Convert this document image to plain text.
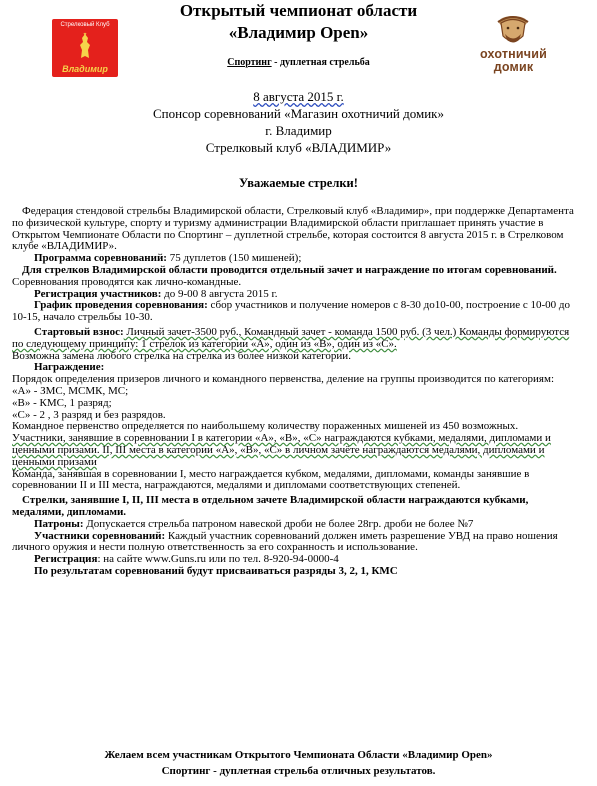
Стрелковый Клуб
Владимир
охотничий
домик
Открытый чемпионат области
«Владимир Open»
Спортинг - дуплетная стрельба
8 августа 2015 г.
Спонсор соревнований «Магазин охотничий домик»
г. Владимир
Стрелковый клуб «ВЛАДИМИР»
Уважаемые стрелки!

Федерация стендовой стрельбы Владимирской области, Стрелковый клуб «Владимир», при поддержке Департамента по физической культуре, спорту и туризму администрации Владимирской области приглашает принять участие в Открытом Чемпионате Области по Спортинг – дуплетной стрельбе, которая состоится 8 августа 2015 г. в Стрелковом клубе «ВЛАДИМИР».

Программа соревнований: 75 дуплетов (150 мишеней);

Для стрелков Владимирской области проводится отдельный зачет и награждение по итогам соревнований.

Соревнования проводятся как лично-командные.

Регистрация участников: до 9-00 8 августа 2015 г.

График проведения соревнования: сбор участников и получение номеров с 8-30 до10-00, построение с 10-00 до 10-15, начало стрельбы 10-30.

Стартовый взнос: Личный зачет-3500 руб., Командный зачет - команда 1500 руб. (3 чел.) Команды формируются по следующему принципу: 1 стрелок из категории «А», один из «В», один из «С».

Возможна замена любого стрелка на стрелка из более низкой категории.

Награждение:

Порядок определения призеров личного и командного первенства, деление на группы производится по категориям:

«А» - ЗМС, МСМК, МС;

«В» - КМС, 1 разряд;

«С» - 2 , 3 разряд и без разрядов.

Командное первенство определяется по наибольшему количеству пораженных мишеней из 450 возможных.

Участники, занявшие в соревновании I в категории «А», «В», «С» награждаются кубками, медалями, дипломами и ценными призами. II, III места в категории «А», «В», «С» в личном зачёте награждаются медалями, дипломами и ценными призами

Команда, занявшая в соревновании I, место награждается кубком, медалями, дипломами, команды занявшие в соревновании II и III места, награждаются, медалями и дипломами соответствующих степеней.

Стрелки, занявшие I, II, III места в отдельном зачете Владимирской области награждаются кубками, медалями, дипломами.

Патроны: Допускается стрельба патроном навеской дроби не более 28гр. дроби не более №7

Участники соревнований: Каждый участник соревнований должен иметь разрешение УВД на право ношения личного оружия и нести полную ответственность за его сохранность и использование.

Регистрация: на сайте www.Guns.ru или по тел. 8-920-94-0000-4

По результатам соревнований будут присваиваться разряды 3, 2, 1, КМС

Желаем всем участникам Открытого Чемпионата Области «Владимир Open»
Спортинг - дуплетная стрельба отличных результатов.
